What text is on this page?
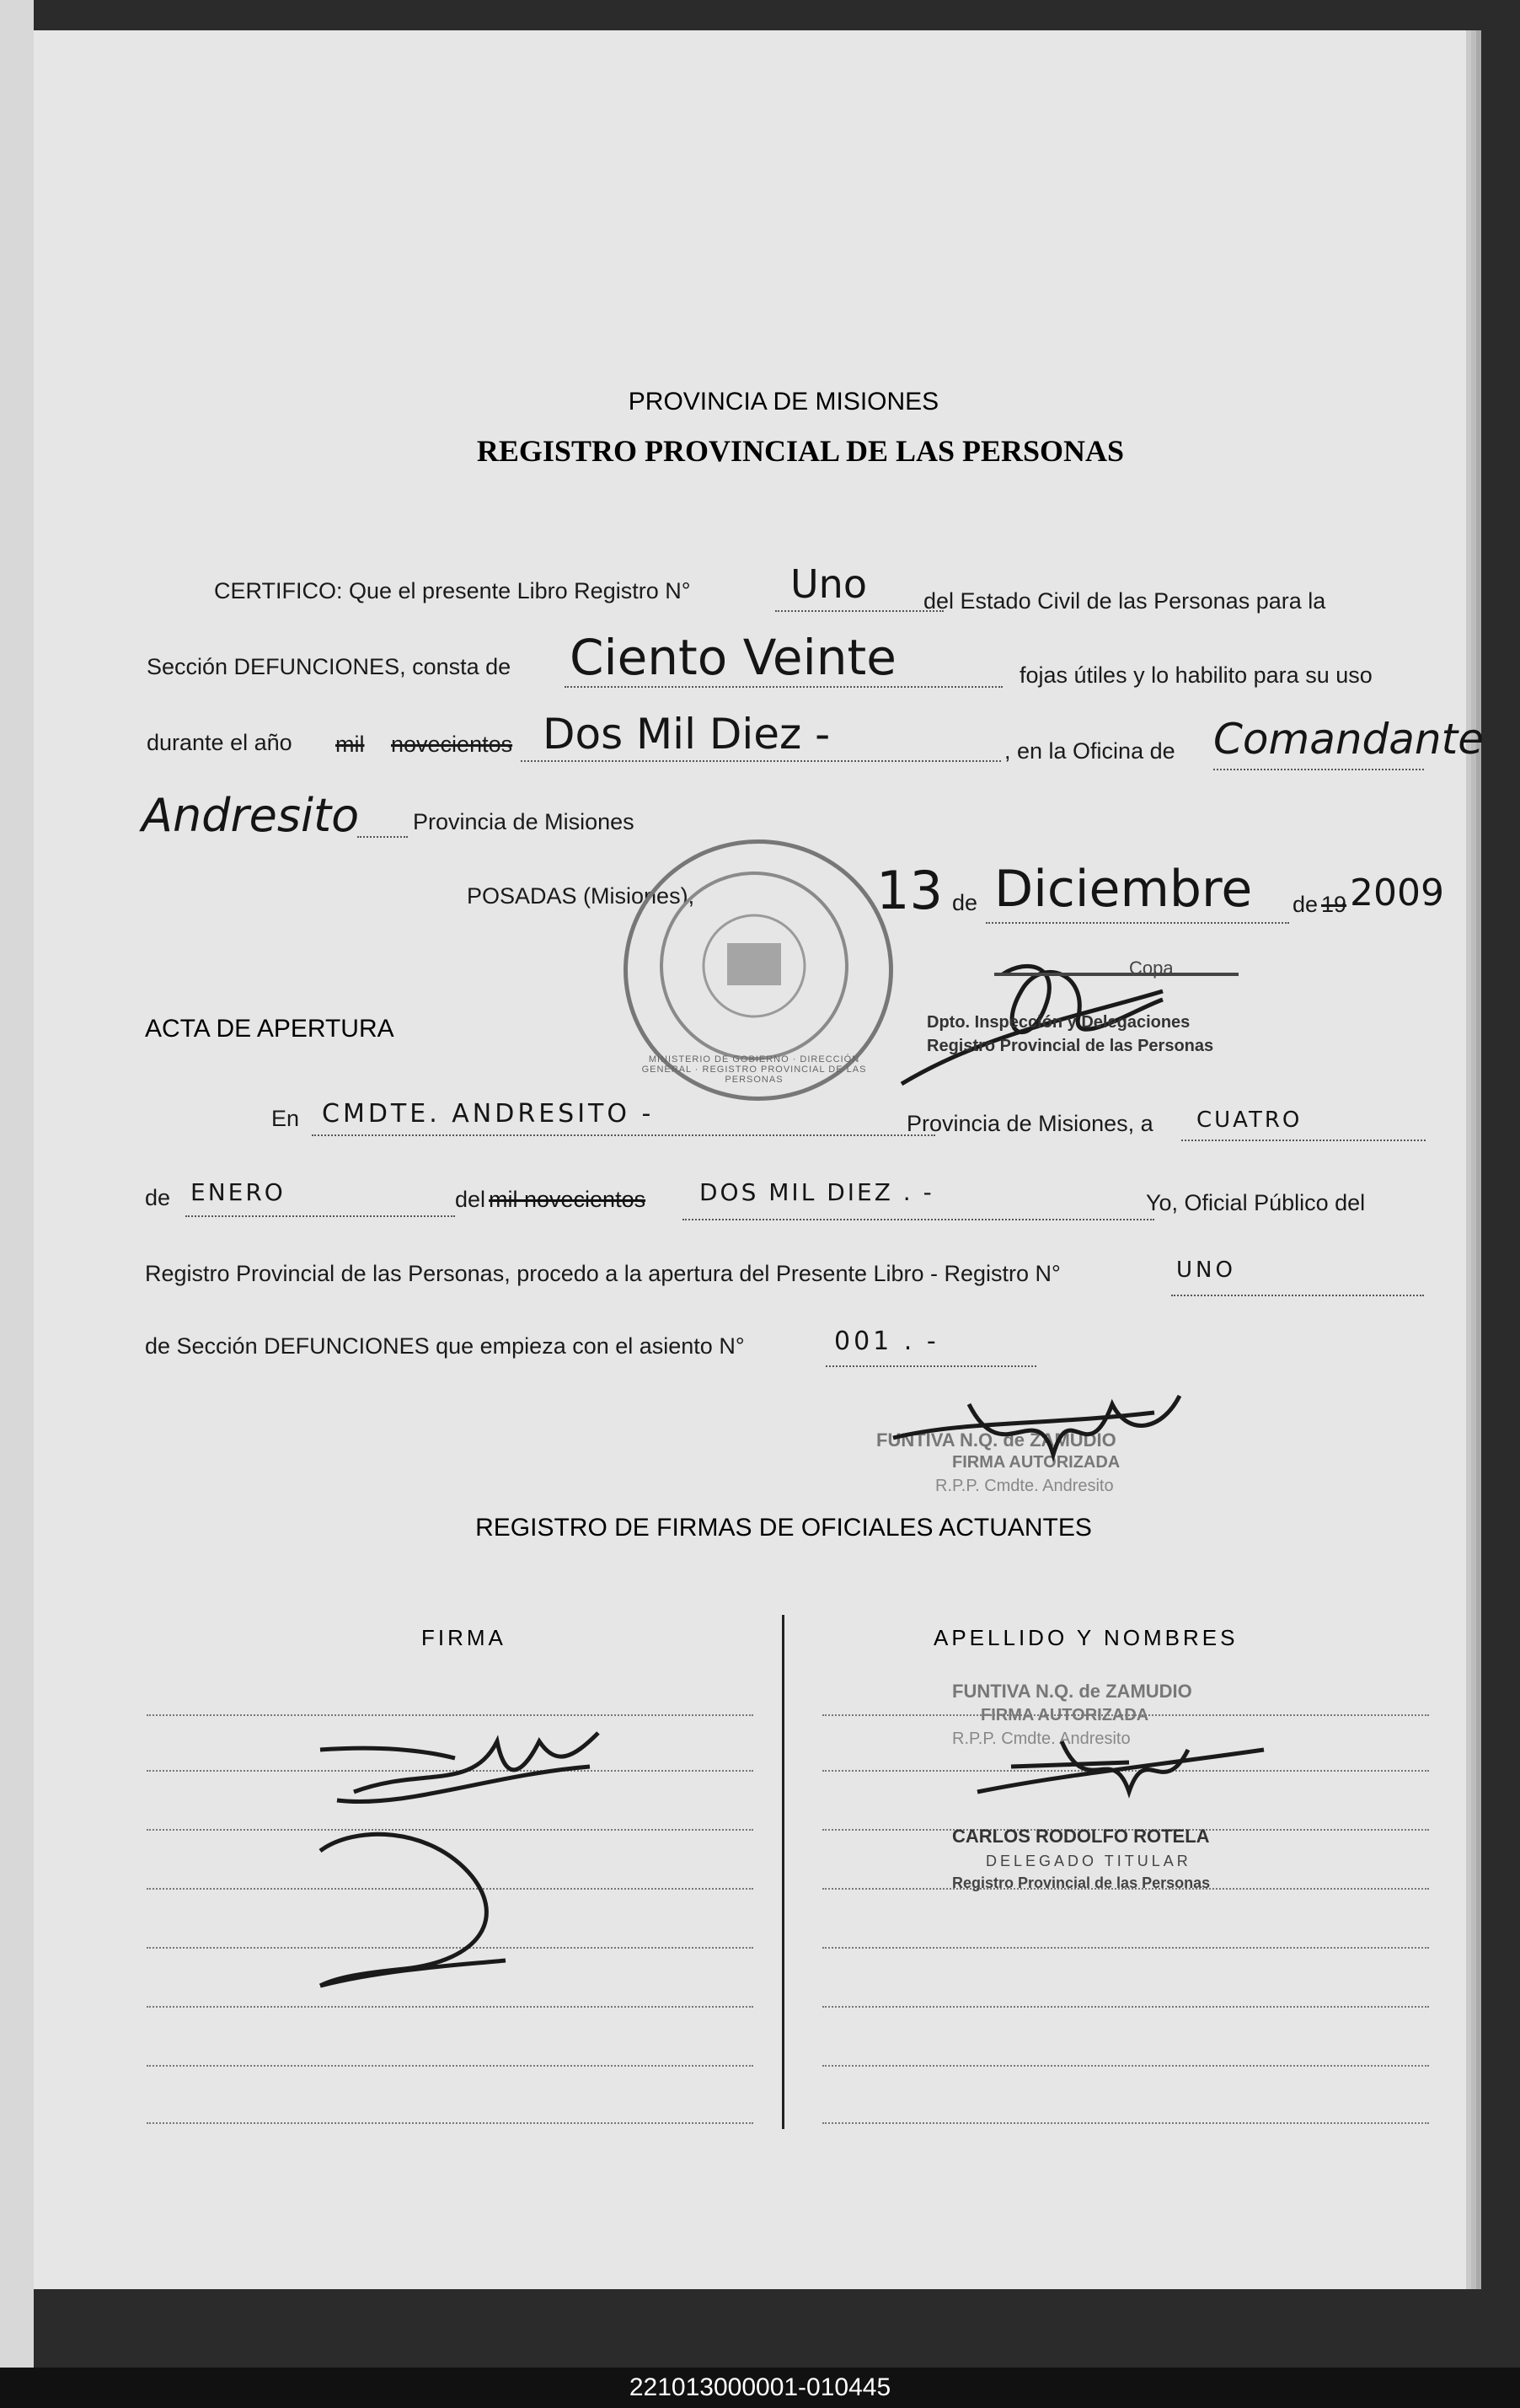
PROVINCIA DE MISIONES
REGISTRO PROVINCIAL DE LAS PERSONAS
CERTIFICO: Que el presente Libro Registro N°	Uno del Estado Civil de las Personas para la
Sección DEFUNCIONES, consta de Ciento Veinte	fojas útiles y lo habilito para su uso
durante el año mil novecientos Dos Mil Diez -	, en la Oficina de Comandante
Andresito Provincia de Misiones
POSADAS (Misiones),	13 de Diciembre de 19 2009
MINISTERIO DE GOBIERNO · DIRECCIÓN GENERAL · REGISTRO PROVINCIAL DE LAS PERSONAS
Copa
Dpto. Inspección y Delegaciones
Registro Provincial de las Personas
ACTA DE APERTURA
En CMDTE. ANDRESITO -	Provincia de Misiones, a CUATRO
de ENERO	del mil novecientos DOS MIL DIEZ . -	Yo, Oficial Público del
Registro Provincial de las Personas, procedo a la apertura del Presente Libro - Registro N°	UNO
de Sección DEFUNCIONES que empieza con el asiento N°	001 . -
FUNTIVA N.Q. de ZAMUDIO
FIRMA AUTORIZADA
R.P.P. Cmdte. Andresito
REGISTRO DE FIRMAS DE OFICIALES ACTUANTES
FIRMA	APELLIDO Y NOMBRES
FUNTIVA N.Q. de ZAMUDIO
FIRMA AUTORIZADA
R.P.P. Cmdte. Andresito
CARLOS RODOLFO ROTELA
DELEGADO TITULAR
Registro Provincial de las Personas
221013000001-010445
